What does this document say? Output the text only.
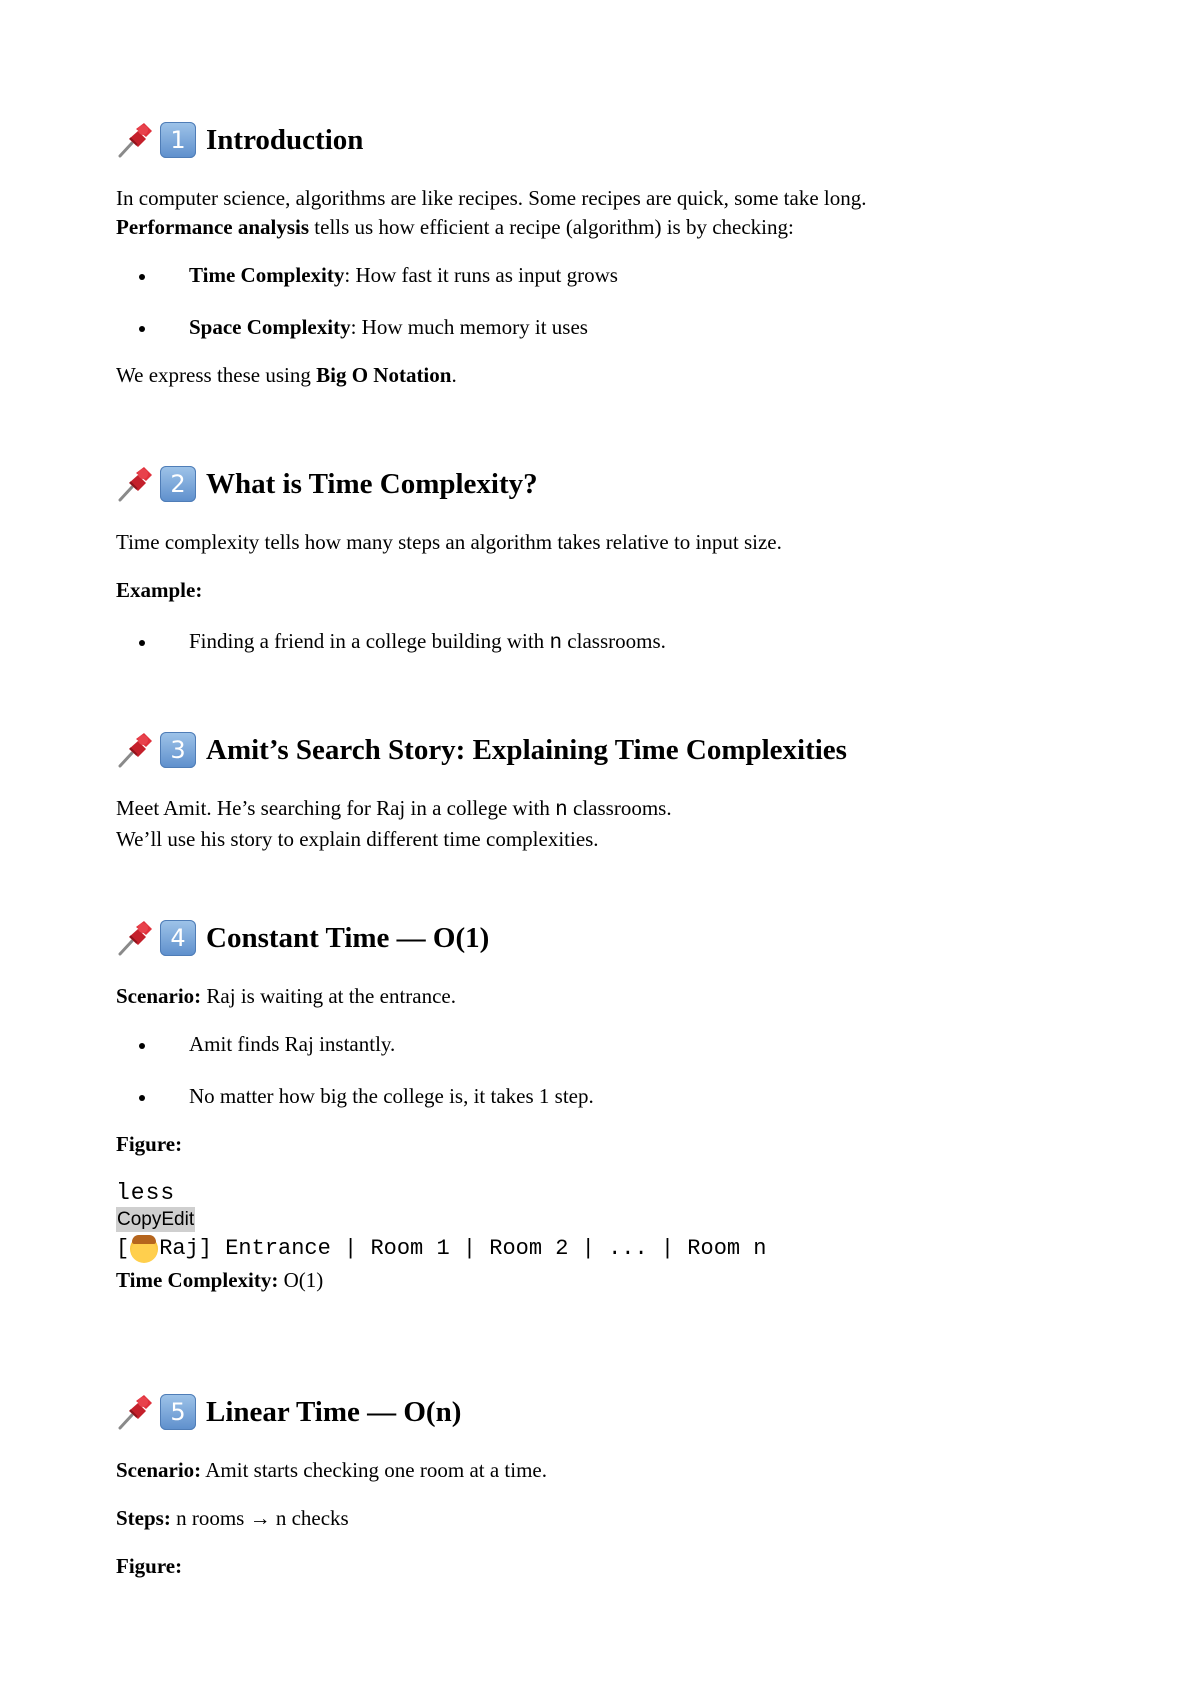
1 Introduction

In computer science, algorithms are like recipes. Some recipes are quick, some take long.

Performance analysis tells us how efficient a recipe (algorithm) is by checking:

Time Complexity: How fast it runs as input grows
Space Complexity: How much memory it uses

We express these using Big O Notation.

2 What is Time Complexity?

Time complexity tells how many steps an algorithm takes relative to input size.

Example:

Finding a friend in a college building with n classrooms.
3 Amit’s Search Story: Explaining Time Complexities

Meet Amit. He’s searching for Raj in a college with n classrooms.

We’ll use his story to explain different time complexities.

4 Constant Time — O(1)

Scenario: Raj is waiting at the entrance.

Amit finds Raj instantly.
No matter how big the college is, it takes 1 step.

Figure:

less
CopyEdit
[ Raj] Entrance | Room 1 | Room 2 | ... | Room n

Time Complexity: O(1)

5 Linear Time — O(n)

Scenario: Amit starts checking one room at a time.

Steps: n rooms → n checks

Figure:
